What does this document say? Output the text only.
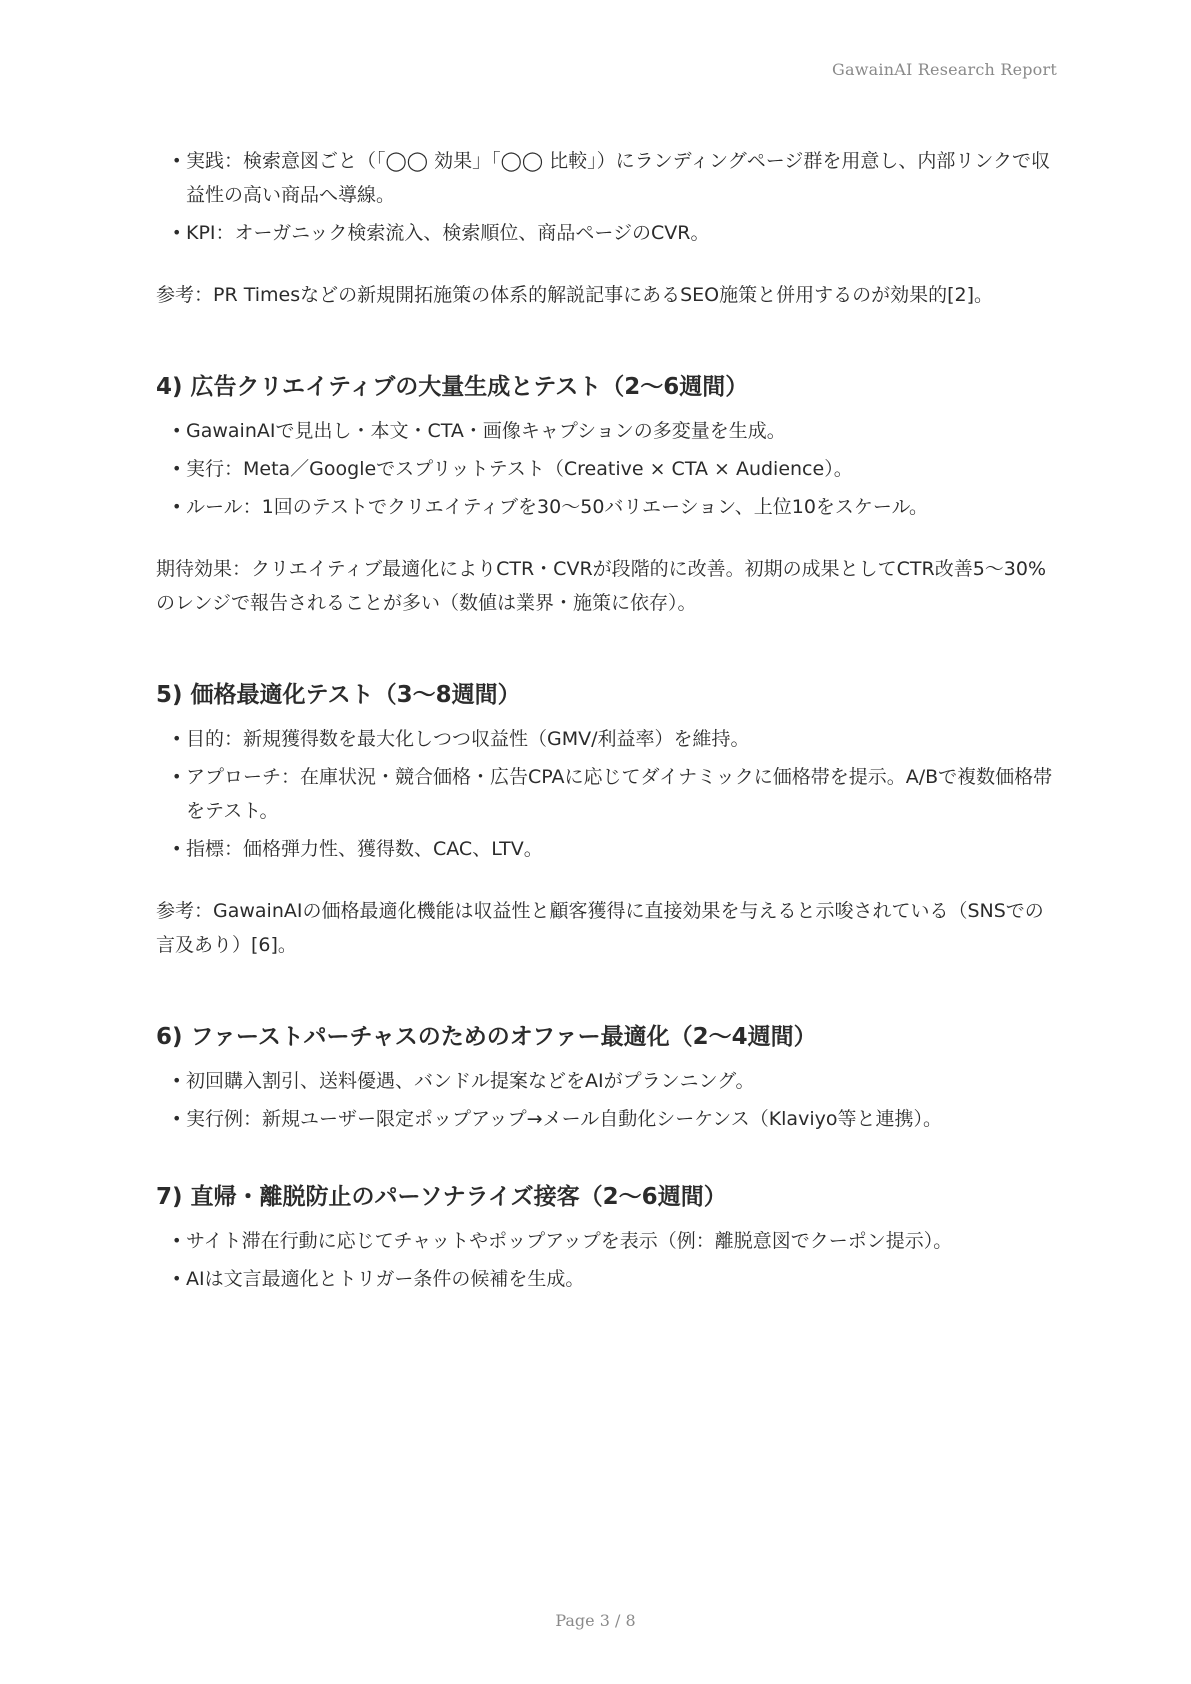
GawainAI Research Report
• 実践：検索意図ごと（「◯◯ 効果」「◯◯ 比較」）にランディングページ群を用意し、内部リンクで収益性の高い商品へ導線。
• KPI：オーガニック検索流入、検索順位、商品ページのCVR。

参考：PR Timesなどの新規開拓施策の体系的解説記事にあるSEO施策と併用するのが効果的[2]。

4) 広告クリエイティブの大量生成とテスト（2〜6週間）
• GawainAIで見出し・本文・CTA・画像キャプションの多変量を生成。
• 実行：Meta／Googleでスプリットテスト（Creative × CTA × Audience）。
• ルール：1回のテストでクリエイティブを30〜50バリエーション、上位10をスケール。

期待効果：クリエイティブ最適化によりCTR・CVRが段階的に改善。初期の成果としてCTR改善5〜30%のレンジで報告されることが多い（数値は業界・施策に依存）。

5) 価格最適化テスト（3〜8週間）
• 目的：新規獲得数を最大化しつつ収益性（GMV/利益率）を維持。
• アプローチ：在庫状況・競合価格・広告CPAに応じてダイナミックに価格帯を提示。A/Bで複数価格帯をテスト。
• 指標：価格弾力性、獲得数、CAC、LTV。

参考：GawainAIの価格最適化機能は収益性と顧客獲得に直接効果を与えると示唆されている（SNSでの言及あり）[6]。

6) ファーストパーチャスのためのオファー最適化（2〜4週間）
• 初回購入割引、送料優遇、バンドル提案などをAIがプランニング。
• 実行例：新規ユーザー限定ポップアップ→メール自動化シーケンス（Klaviyo等と連携）。
7) 直帰・離脱防止のパーソナライズ接客（2〜6週間）
• サイト滞在行動に応じてチャットやポップアップを表示（例：離脱意図でクーポン提示）。
• AIは文言最適化とトリガー条件の候補を生成。
Page 3 / 8
